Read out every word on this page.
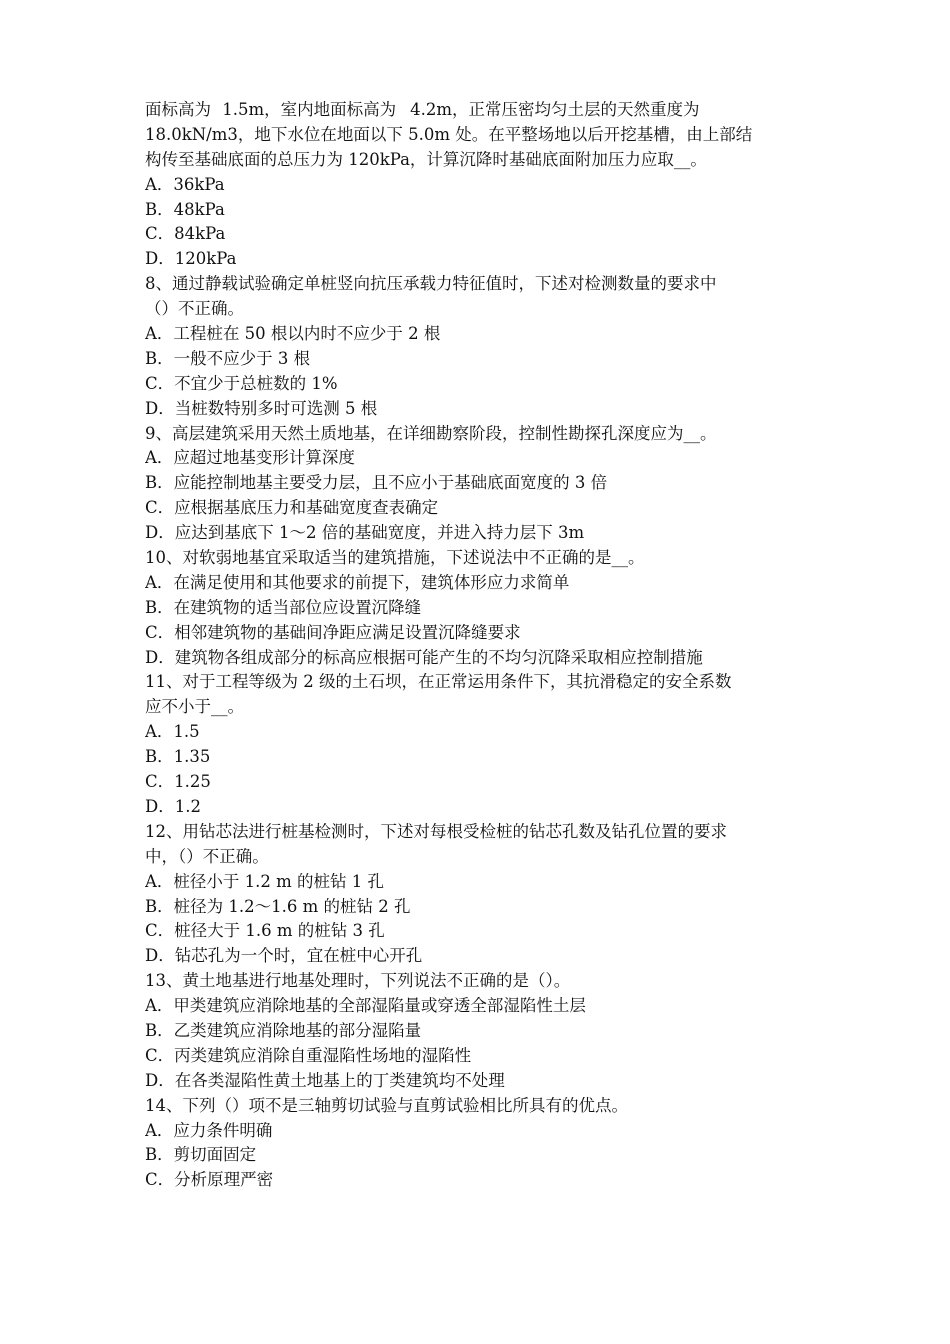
面标高为 1.5m，室内地面标高为 4.2m，正常压密均匀土层的天然重度为
18.0kN/m3，地下水位在地面以下 5.0m 处。在平整场地以后开挖基槽，由上部结
构传至基础底面的总压力为 120kPa，计算沉降时基础底面附加压力应取__。
A．36kPa
B．48kPa
C．84kPa
D．120kPa
8、通过静载试验确定单桩竖向抗压承载力特征值时，下述对检测数量的要求中
（）不正确。
A．工程桩在 50 根以内时不应少于 2 根
B．一般不应少于 3 根
C．不宜少于总桩数的 1%
D．当桩数特别多时可选测 5 根
9、高层建筑采用天然土质地基，在详细勘察阶段，控制性勘探孔深度应为__。
A．应超过地基变形计算深度
B．应能控制地基主要受力层，且不应小于基础底面宽度的 3 倍
C．应根据基底压力和基础宽度查表确定
D．应达到基底下 1～2 倍的基础宽度，并进入持力层下 3m
10、对软弱地基宜采取适当的建筑措施，下述说法中不正确的是__。
A．在满足使用和其他要求的前提下，建筑体形应力求简单
B．在建筑物的适当部位应设置沉降缝
C．相邻建筑物的基础间净距应满足设置沉降缝要求
D．建筑物各组成部分的标高应根据可能产生的不均匀沉降采取相应控制措施
11、对于工程等级为 2 级的土石坝，在正常运用条件下，其抗滑稳定的安全系数
应不小于__。
A．1.5
B．1.35
C．1.25
D．1.2
12、用钻芯法进行桩基检测时，下述对每根受检桩的钻芯孔数及钻孔位置的要求
中，（）不正确。
A．桩径小于 1.2 m 的桩钻 1 孔
B．桩径为 1.2～1.6 m 的桩钻 2 孔
C．桩径大于 1.6 m 的桩钻 3 孔
D．钻芯孔为一个时，宜在桩中心开孔
13、黄土地基进行地基处理时，下列说法不正确的是（）。
A．甲类建筑应消除地基的全部湿陷量或穿透全部湿陷性土层
B．乙类建筑应消除地基的部分湿陷量
C．丙类建筑应消除自重湿陷性场地的湿陷性
D．在各类湿陷性黄土地基上的丁类建筑均不处理
14、下列（）项不是三轴剪切试验与直剪试验相比所具有的优点。
A．应力条件明确
B．剪切面固定
C．分析原理严密
